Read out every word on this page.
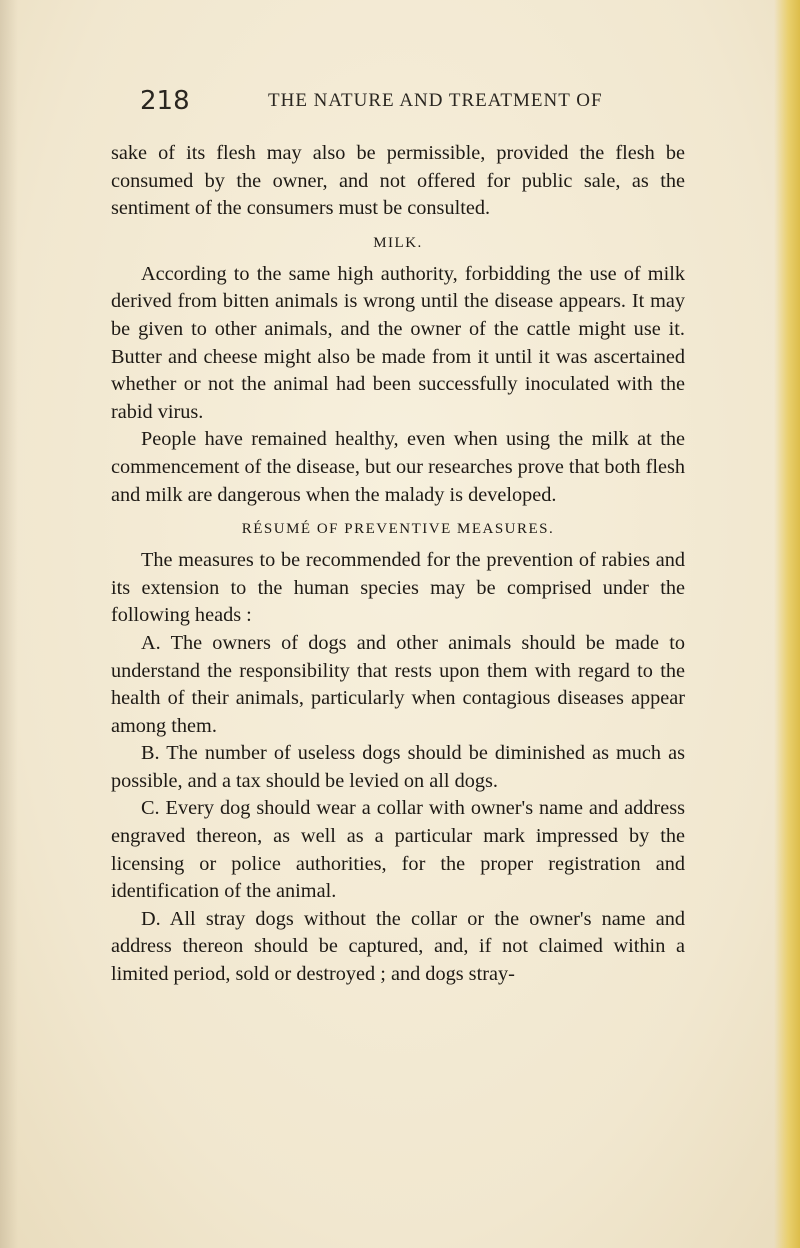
218	THE NATURE AND TREATMENT OF

sake of its flesh may also be permissible, provided the flesh be consumed by the owner, and not offered for public sale, as the sentiment of the consumers must be consulted.

MILK.

According to the same high authority, forbidding the use of milk derived from bitten animals is wrong until the disease appears. It may be given to other animals, and the owner of the cattle might use it. Butter and cheese might also be made from it until it was ascertained whether or not the animal had been successfully inoculated with the rabid virus.

People have remained healthy, even when using the milk at the commencement of the disease, but our researches prove that both flesh and milk are dangerous when the malady is developed.

RÉSUMÉ OF PREVENTIVE MEASURES.

The measures to be recommended for the prevention of rabies and its extension to the human species may be comprised under the following heads :

A. The owners of dogs and other animals should be made to understand the responsibility that rests upon them with regard to the health of their animals, particularly when contagious diseases appear among them.

B. The number of useless dogs should be diminished as much as possible, and a tax should be levied on all dogs.

C. Every dog should wear a collar with owner's name and address engraved thereon, as well as a particular mark impressed by the licensing or police authorities, for the proper registration and identification of the animal.

D. All stray dogs without the collar or the owner's name and address thereon should be captured, and, if not claimed within a limited period, sold or destroyed ; and dogs stray-
